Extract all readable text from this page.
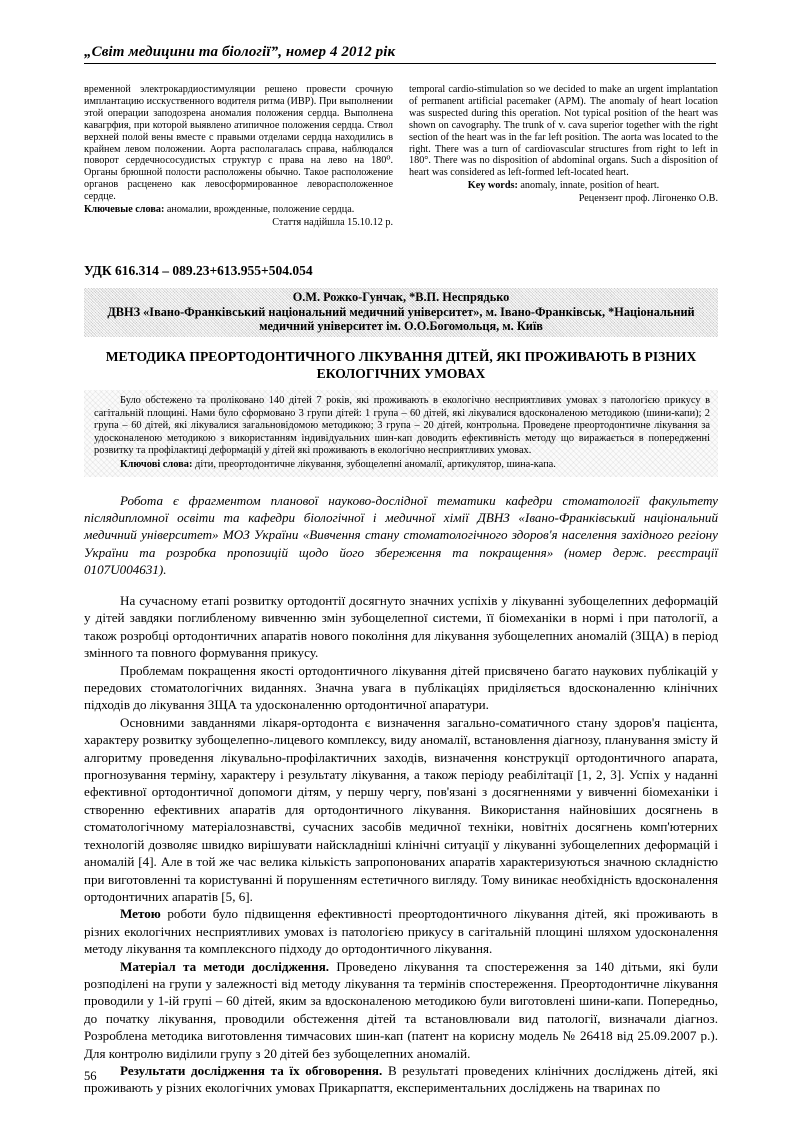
„Світ медицини та біології”, номер 4 2012 рік

временной электрокардиостимуляции решено провести срочную имплантацию исскуственного водителя ритма (ИВР). При выполнении этой операции заподозрена аномалия положения сердца. Выполнена кавагрфия, при которой выявлено атипичное положения сердца. Ствол верхней полой вены вместе с правыми отделами сердца находились в крайнем левом положении. Аорта располагалась справа, наблюдался поворот сердечнососудистых структур с права на лево на 180⁰. Органы брюшной полости расположены обычно. Такое расположение органов расценено как левосформированное леворасположенное сердце.

Ключевые слова: аномалии, врожденные, положение сердца.

Стаття надійшла 15.10.12 р.

temporal cardio-stimulation so we decided to make an urgent implantation of permanent artificial pacemaker (APM). The anomaly of heart location was suspected during this operation. Not typical position of the heart was shown on cavography. The trunk of v. cava superior together with the right section of the heart was in the far left position. The aorta was located to the right. There was a turn of cardiovascular structures from right to left in 180°. There was no disposition of abdominal organs. Such a disposition of heart was considered as left-formed left-located heart.

Key words: anomaly, innate, position of heart.

Рецензент проф. Лігоненко О.В.

УДК 616.314 – 089.23+613.955+504.054
О.М. Рожко-Гунчак, *В.П. Неспрядько
ДВНЗ «Івано-Франківський національний медичний університет», м. Івано-Франківськ, *Національний
медичний університет ім. О.О.Богомольця, м. Київ
МЕТОДИКА ПРЕОРТОДОНТИЧНОГО ЛІКУВАННЯ ДІТЕЙ, ЯКІ ПРОЖИВАЮТЬ В РІЗНИХ ЕКОЛОГІЧНИХ УМОВАХ

Було обстежено та проліковано 140 дітей 7 років, які проживають в екологічно несприятливих умовах з патологією прикусу в сагітальній площині. Нами було сформовано 3 групи дітей: 1 група – 60 дітей, які лікувалися вдосконаленою методикою (шини-капи); 2 група – 60 дітей, які лікувалися загальновідомою методикою; 3 група – 20 дітей, контрольна. Проведене преортодонтичне лікування за удосконаленою методикою з використанням індивідуальних шин-кап доводить ефективність методу що виражається в попередженні розвитку та профілактиці деформацій у дітей які проживають в екологічно несприятливих умовах.

Ключові слова: діти, преортодонтичне лікування, зубощелепні аномалії, артикулятор, шина-капа.

Робота є фрагментом планової науково-дослідної тематики кафедри стоматології факультету післядипломної освіти та кафедри біологічної і медичної хімії ДВНЗ «Івано-Франківський національний медичний університет» МОЗ України «Вивчення стану стоматологічного здоров'я населення західного регіону України та розробка пропозицій щодо його збереження та покращення» (номер держ. реєстрації 0107U004631).

На сучасному етапі розвитку ортодонтії досягнуто значних успіхів у лікуванні зубощелепних деформацій у дітей завдяки поглибленому вивченню змін зубощелепної системи, її біомеханіки в нормі і при патології, а також розробці ортодонтичних апаратів нового покоління для лікування зубощелепних аномалій (ЗЩА) в період змінного та повного формування прикусу.

Проблемам покращення якості ортодонтичного лікування дітей присвячено багато наукових публікацій у передових стоматологічних виданнях. Значна увага в публікаціях приділяється вдосконаленню клінічних підходів до лікування ЗЩА та удосконаленню ортодонтичної апаратури.

Основними завданнями лікаря-ортодонта є визначення загально-соматичного стану здоров'я пацієнта, характеру розвитку зубощелепно-лицевого комплексу, виду аномалії, встановлення діагнозу, планування змісту й алгоритму проведення лікувально-профілактичних заходів, визначення конструкції ортодонтичного апарата, прогнозування терміну, характеру і результату лікування, а також періоду реабілітації [1, 2, 3]. Успіх у наданні ефективної ортодонтичної допомоги дітям, у першу чергу, пов'язані з досягненнями у вивченні біомеханіки і створенню ефективних апаратів для ортодонтичного лікування. Використання найновіших досягнень в стоматологічному матеріалознавстві, сучасних засобів медичної техніки, новітніх досягнень комп'ютерних технологій дозволяє швидко вирішувати найскладніші клінічні ситуації у лікуванні зубощелепних деформацій і аномалій [4]. Але в той же час велика кількість запропонованих апаратів характеризуються значною складністю при виготовленні та користуванні й порушенням естетичного вигляду. Тому виникає необхідність вдосконалення ортодонтичних апаратів [5, 6].

Метою роботи було підвищення ефективності преортодонтичного лікування дітей, які проживають в різних екологічних несприятливих умовах із патологією прикусу в сагітальній площині шляхом удосконалення методу лікування та комплексного підходу до ортодонтичного лікування.

Матеріал та методи дослідження. Проведено лікування та спостереження за 140 дітьми, які були розподілені на групи у залежності від методу лікування та термінів спостереження. Преортодонтичне лікування проводили у 1-ій групі – 60 дітей, яким за вдосконаленою методикою були виготовлені шини-капи. Попередньо, до початку лікування, проводили обстеження дітей та встановлювали вид патології, визначали діагноз. Розроблена методика виготовлення тимчасових шин-кап (патент на корисну модель № 26418 від 25.09.2007 р.). Для контролю виділили групу з 20 дітей без зубощелепних аномалій.

Результати дослідження та їх обговорення. В результаті проведених клінічних досліджень дітей, які проживають у різних екологічних умовах Прикарпаття, експериментальних досліджень на тваринах по

56
